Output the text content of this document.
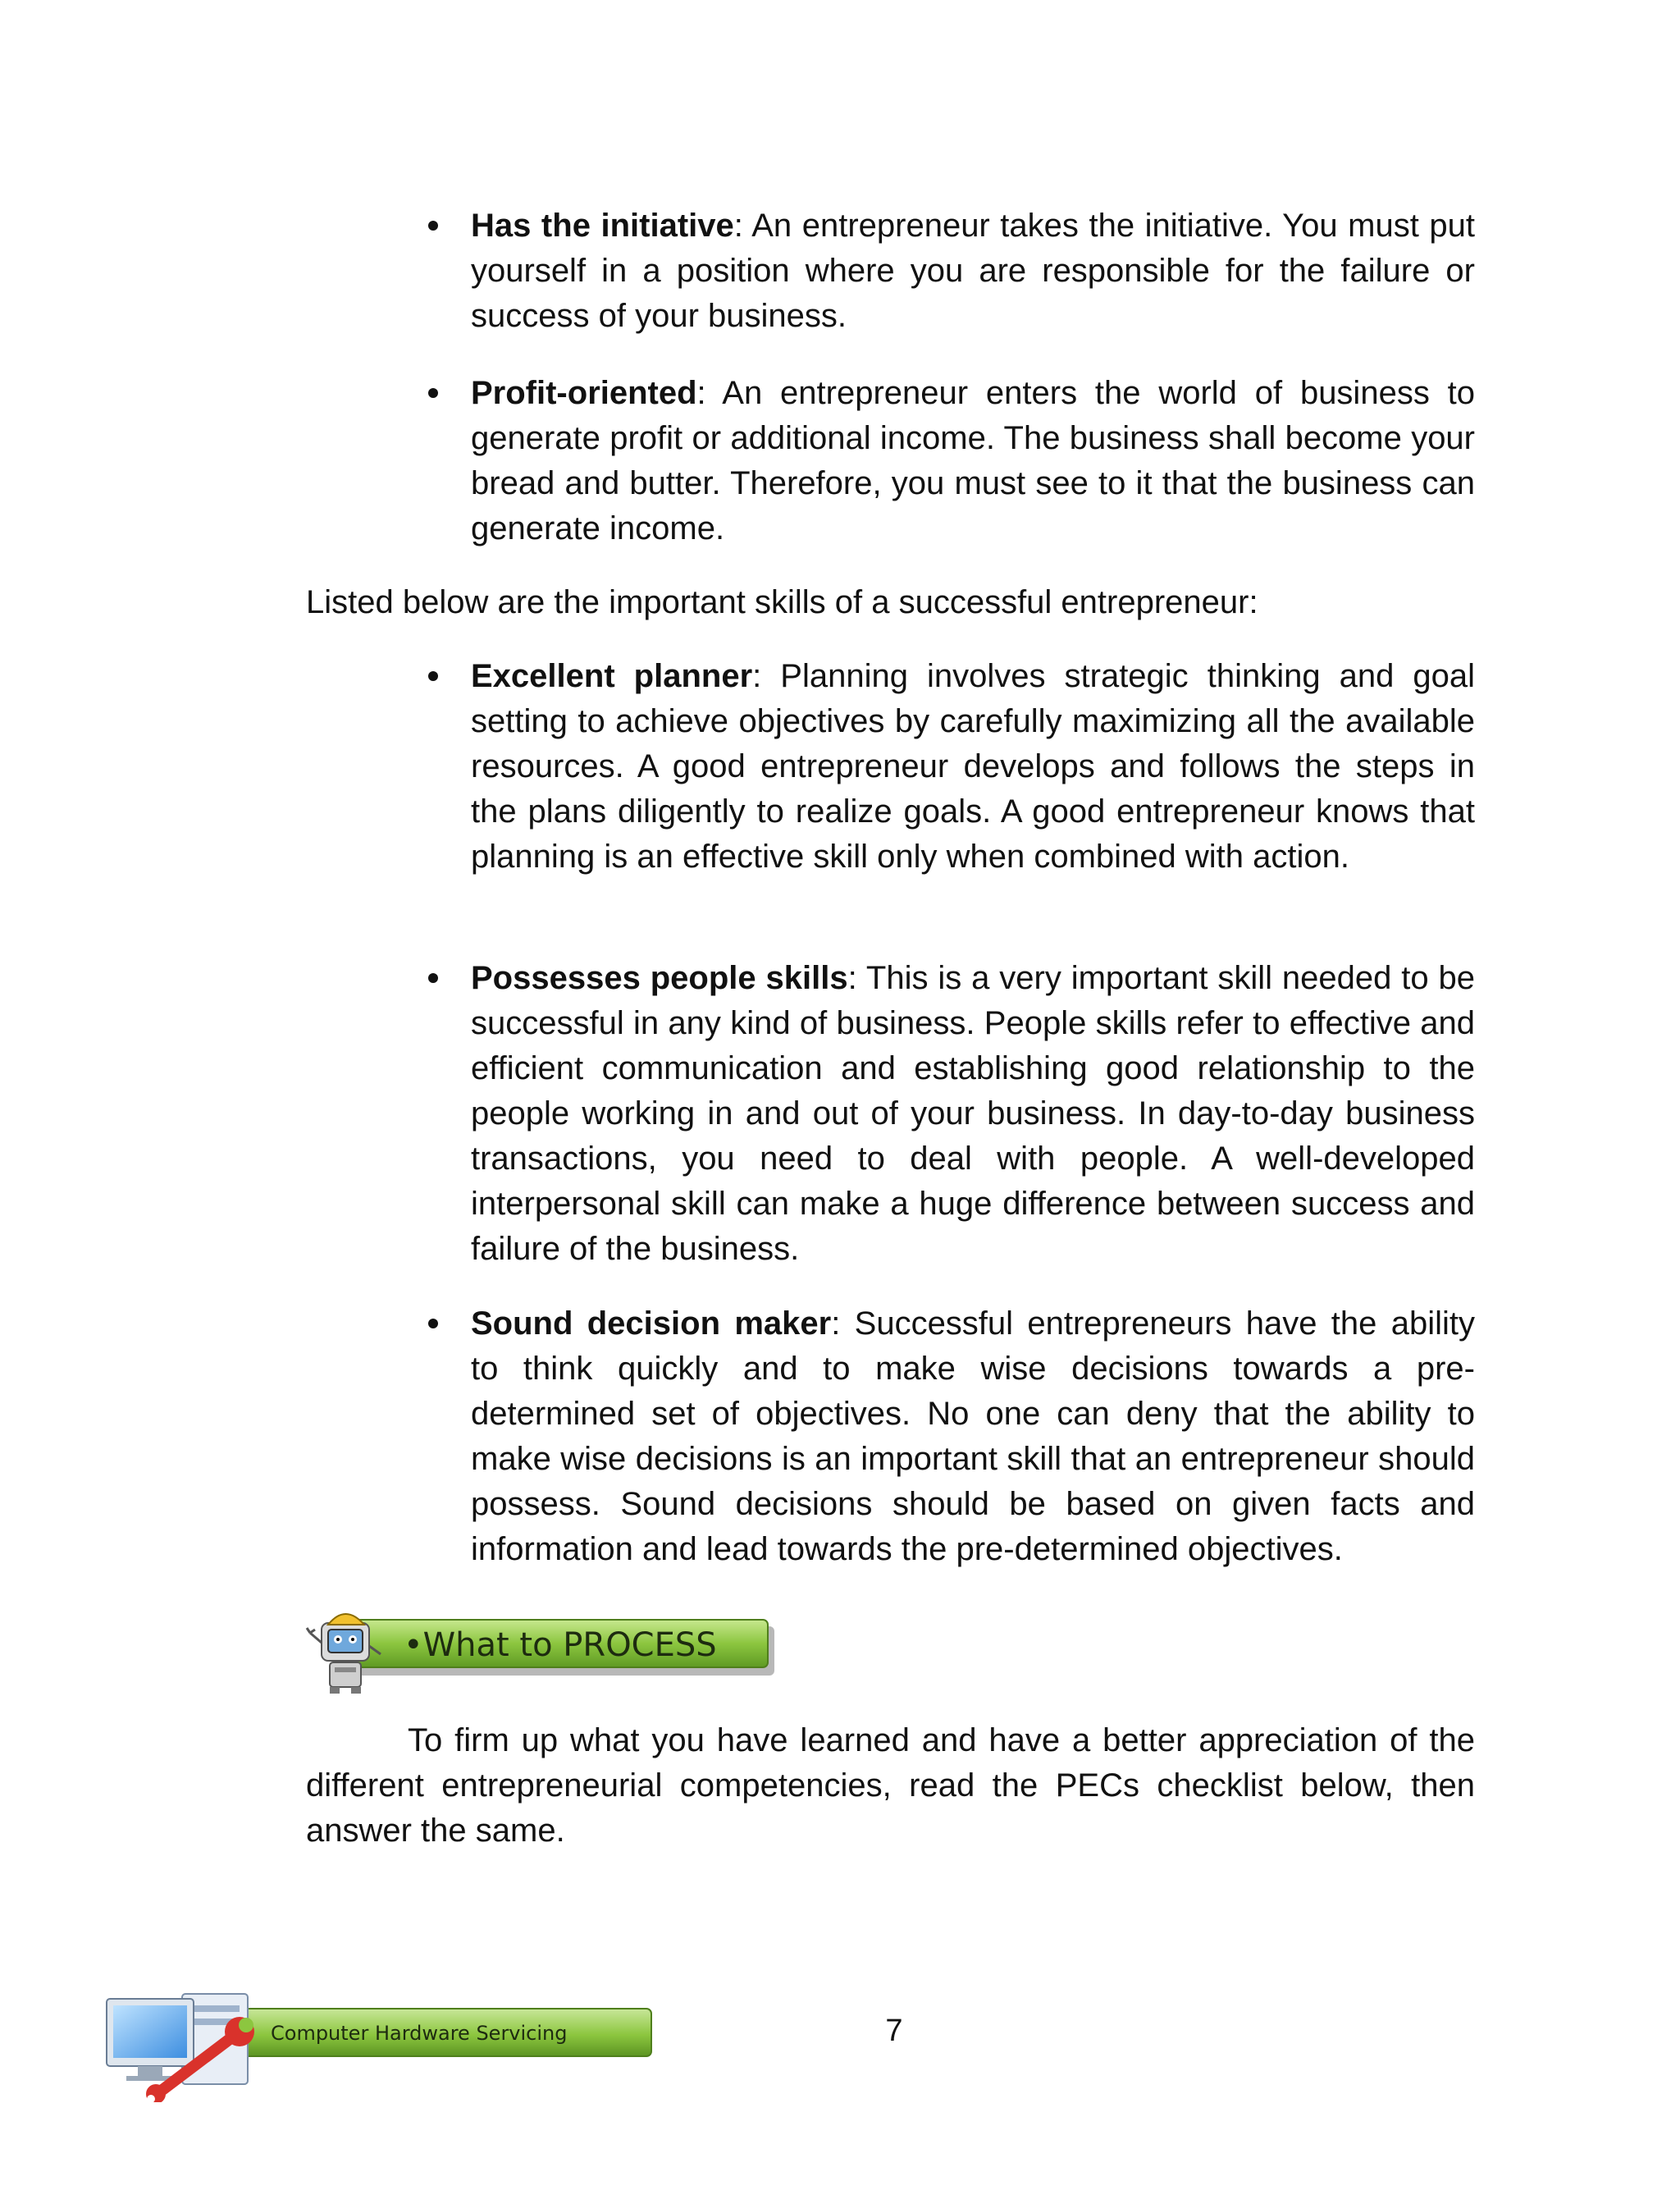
Has the initiative: An entrepreneur takes the initiative. You must put yourself in a position where you are responsible for the failure or success of your business.

Profit-oriented: An entrepreneur enters the world of business to generate profit or additional income. The business shall become your bread and butter. Therefore, you must see to it that the business can generate income.

Listed below are the important skills of a successful entrepreneur:

Excellent planner: Planning involves strategic thinking and goal setting to achieve objectives by carefully maximizing all the available resources. A good entrepreneur develops and follows the steps in the plans diligently to realize goals. A good entrepreneur knows that planning is an effective skill only when combined with action.

Possesses people skills: This is a very important skill needed to be successful in any kind of business. People skills refer to effective and efficient communication and establishing good relationship to the people working in and out of your business. In day-to-day business transactions, you need to deal with people. A well-developed interpersonal skill can make a huge difference between success and failure of the business.

Sound decision maker: Successful entrepreneurs have the ability to think quickly and to make wise decisions towards a pre-determined set of objectives. No one can deny that the ability to make wise decisions is an important skill that an entrepreneur should possess. Sound decisions should be based on given facts and information and lead towards the pre-determined objectives.

•What to PROCESS

To firm up what you have learned and have a better appreciation of the different entrepreneurial competencies, read the PECs checklist below, then answer the same.

Computer Hardware Servicing	7
